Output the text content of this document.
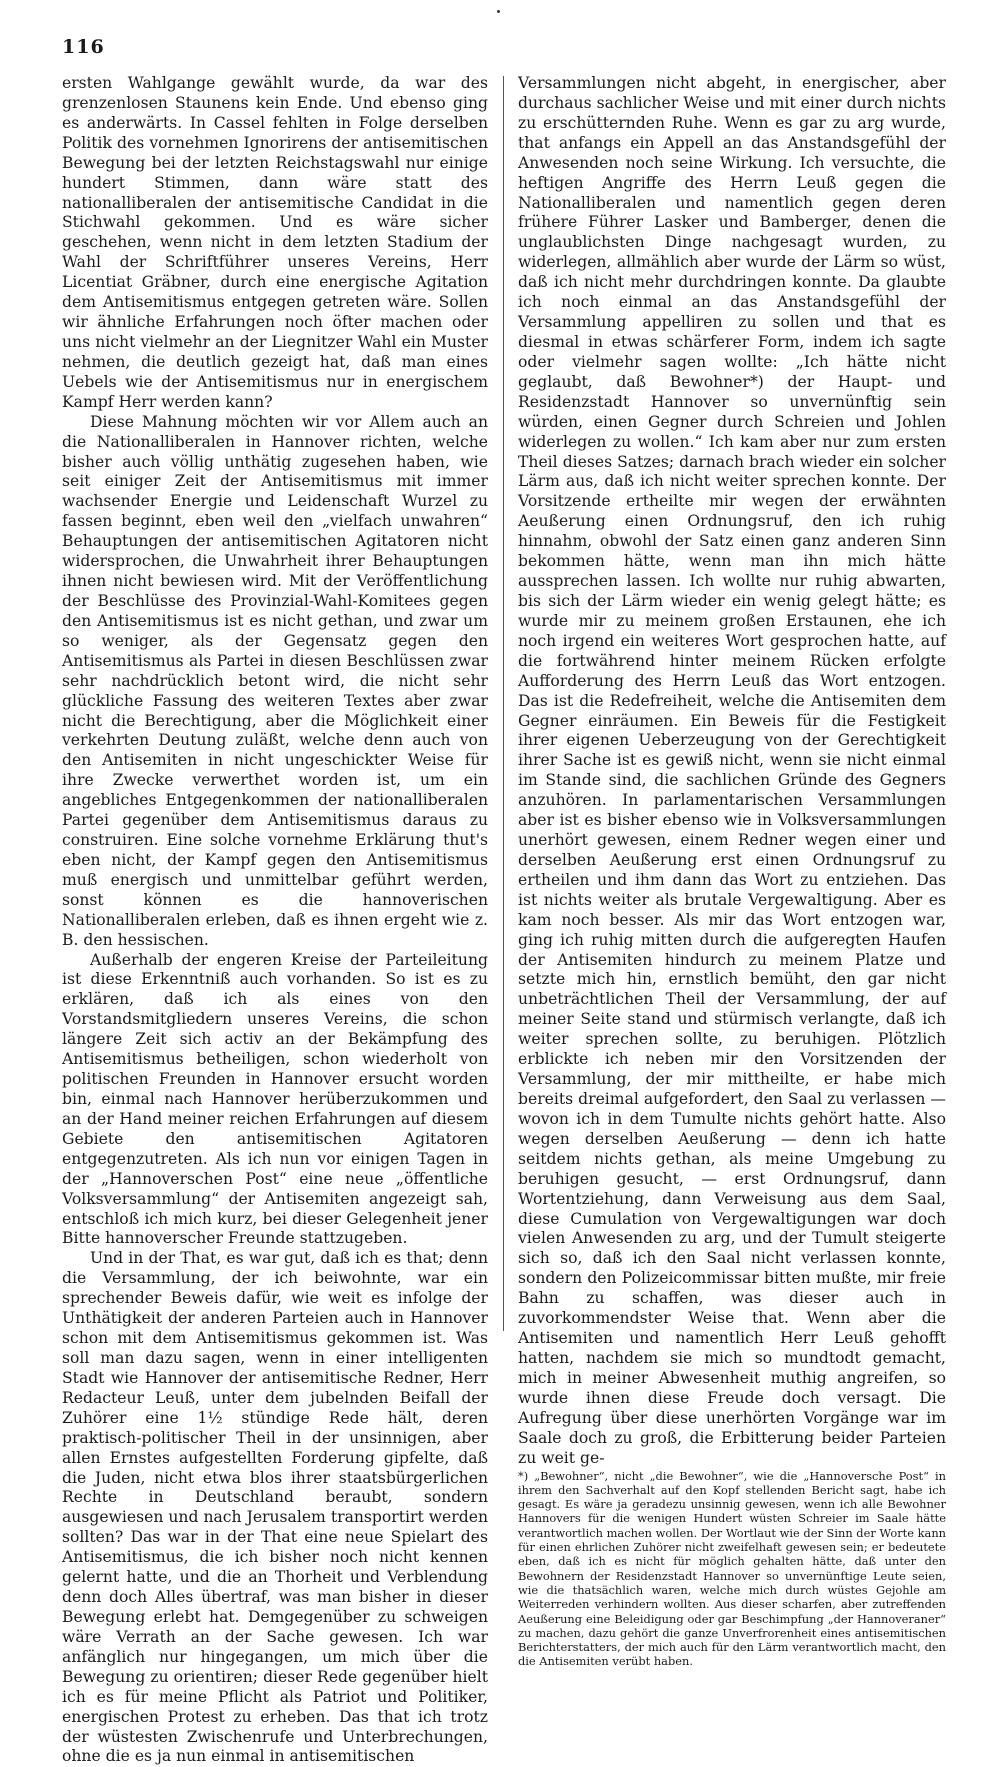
116

ersten Wahlgange gewählt wurde, da war des grenzenlosen Staunens kein Ende. Und ebenso ging es anderwärts. In Cassel fehlten in Folge derselben Politik des vornehmen Ignorirens der antisemitischen Bewegung bei der letzten Reichstagswahl nur einige hundert Stimmen, dann wäre statt des nationalliberalen der antisemitische Candidat in die Stichwahl gekommen. Und es wäre sicher geschehen, wenn nicht in dem letzten Stadium der Wahl der Schriftführer unseres Vereins, Herr Licentiat Gräbner, durch eine energische Agitation dem Antisemitismus entgegen getreten wäre. Sollen wir ähnliche Erfahrungen noch öfter machen oder uns nicht vielmehr an der Liegnitzer Wahl ein Muster nehmen, die deutlich gezeigt hat, daß man eines Uebels wie der Antisemitismus nur in energischem Kampf Herr werden kann?

Diese Mahnung möchten wir vor Allem auch an die Nationalliberalen in Hannover richten, welche bisher auch völlig unthätig zugesehen haben, wie seit einiger Zeit der Antisemitismus mit immer wachsender Energie und Leidenschaft Wurzel zu fassen beginnt, eben weil den „vielfach unwahren“ Behauptungen der antisemitischen Agitatoren nicht widersprochen, die Unwahrheit ihrer Behauptungen ihnen nicht bewiesen wird. Mit der Veröffentlichung der Beschlüsse des Provinzial-Wahl-Komitees gegen den Antisemitismus ist es nicht gethan, und zwar um so weniger, als der Gegensatz gegen den Antisemitismus als Partei in diesen Beschlüssen zwar sehr nachdrücklich betont wird, die nicht sehr glückliche Fassung des weiteren Textes aber zwar nicht die Berechtigung, aber die Möglichkeit einer verkehrten Deutung zuläßt, welche denn auch von den Antisemiten in nicht ungeschickter Weise für ihre Zwecke verwerthet worden ist, um ein angebliches Entgegenkommen der nationalliberalen Partei gegenüber dem Antisemitismus daraus zu construiren. Eine solche vornehme Erklärung thut's eben nicht, der Kampf gegen den Antisemitismus muß energisch und unmittelbar geführt werden, sonst können es die hannoverischen Nationalliberalen erleben, daß es ihnen ergeht wie z. B. den hessischen.

Außerhalb der engeren Kreise der Parteileitung ist diese Erkenntniß auch vorhanden. So ist es zu erklären, daß ich als eines von den Vorstandsmitgliedern unseres Vereins, die schon längere Zeit sich activ an der Bekämpfung des Antisemitismus betheiligen, schon wiederholt von politischen Freunden in Hannover ersucht worden bin, einmal nach Hannover herüberzukommen und an der Hand meiner reichen Erfahrungen auf diesem Gebiete den antisemitischen Agitatoren entgegenzutreten. Als ich nun vor einigen Tagen in der „Hannoverschen Post“ eine neue „öffentliche Volksversammlung“ der Antisemiten angezeigt sah, entschloß ich mich kurz, bei dieser Gelegenheit jener Bitte hannoverscher Freunde stattzugeben.

Und in der That, es war gut, daß ich es that; denn die Versammlung, der ich beiwohnte, war ein sprechender Beweis dafür, wie weit es infolge der Unthätigkeit der anderen Parteien auch in Hannover schon mit dem Antisemitismus gekommen ist. Was soll man dazu sagen, wenn in einer intelligenten Stadt wie Hannover der antisemitische Redner, Herr Redacteur Leuß, unter dem jubelnden Beifall der Zuhörer eine 1½ stündige Rede hält, deren praktisch-politischer Theil in der unsinnigen, aber allen Ernstes aufgestellten Forderung gipfelte, daß die Juden, nicht etwa blos ihrer staatsbürgerlichen Rechte in Deutschland beraubt, sondern ausgewiesen und nach Jerusalem transportirt werden sollten? Das war in der That eine neue Spielart des Antisemitismus, die ich bisher noch nicht kennen gelernt hatte, und die an Thorheit und Verblendung denn doch Alles übertraf, was man bisher in dieser Bewegung erlebt hat. Demgegenüber zu schweigen wäre Verrath an der Sache gewesen. Ich war anfänglich nur hingegangen, um mich über die Bewegung zu orientiren; dieser Rede gegenüber hielt ich es für meine Pflicht als Patriot und Politiker, energischen Protest zu erheben. Das that ich trotz der wüstesten Zwischenrufe und Unterbrechungen, ohne die es ja nun einmal in antisemitischen

Versammlungen nicht abgeht, in energischer, aber durchaus sachlicher Weise und mit einer durch nichts zu erschütternden Ruhe. Wenn es gar zu arg wurde, that anfangs ein Appell an das Anstandsgefühl der Anwesenden noch seine Wirkung. Ich versuchte, die heftigen Angriffe des Herrn Leuß gegen die Nationalliberalen und namentlich gegen deren frühere Führer Lasker und Bamberger, denen die unglaublichsten Dinge nachgesagt wurden, zu widerlegen, allmählich aber wurde der Lärm so wüst, daß ich nicht mehr durchdringen konnte. Da glaubte ich noch einmal an das Anstandsgefühl der Versammlung appelliren zu sollen und that es diesmal in etwas schärferer Form, indem ich sagte oder vielmehr sagen wollte: „Ich hätte nicht geglaubt, daß Bewohner*) der Haupt- und Residenzstadt Hannover so unvernünftig sein würden, einen Gegner durch Schreien und Johlen widerlegen zu wollen.“ Ich kam aber nur zum ersten Theil dieses Satzes; darnach brach wieder ein solcher Lärm aus, daß ich nicht weiter sprechen konnte. Der Vorsitzende ertheilte mir wegen der erwähnten Aeußerung einen Ordnungsruf, den ich ruhig hinnahm, obwohl der Satz einen ganz anderen Sinn bekommen hätte, wenn man ihn mich hätte aussprechen lassen. Ich wollte nur ruhig abwarten, bis sich der Lärm wieder ein wenig gelegt hätte; es wurde mir zu meinem großen Erstaunen, ehe ich noch irgend ein weiteres Wort gesprochen hatte, auf die fortwährend hinter meinem Rücken erfolgte Aufforderung des Herrn Leuß das Wort entzogen. Das ist die Redefreiheit, welche die Antisemiten dem Gegner einräumen. Ein Beweis für die Festigkeit ihrer eigenen Ueberzeugung von der Gerechtigkeit ihrer Sache ist es gewiß nicht, wenn sie nicht einmal im Stande sind, die sachlichen Gründe des Gegners anzuhören. In parlamentarischen Versammlungen aber ist es bisher ebenso wie in Volksversammlungen unerhört gewesen, einem Redner wegen einer und derselben Aeußerung erst einen Ordnungsruf zu ertheilen und ihm dann das Wort zu entziehen. Das ist nichts weiter als brutale Vergewaltigung. Aber es kam noch besser. Als mir das Wort entzogen war, ging ich ruhig mitten durch die aufgeregten Haufen der Antisemiten hindurch zu meinem Platze und setzte mich hin, ernstlich bemüht, den gar nicht unbeträchtlichen Theil der Versammlung, der auf meiner Seite stand und stürmisch verlangte, daß ich weiter sprechen sollte, zu beruhigen. Plötzlich erblickte ich neben mir den Vorsitzenden der Versammlung, der mir mittheilte, er habe mich bereits dreimal aufgefordert, den Saal zu verlassen — wovon ich in dem Tumulte nichts gehört hatte. Also wegen derselben Aeußerung — denn ich hatte seitdem nichts gethan, als meine Umgebung zu beruhigen gesucht, — erst Ordnungsruf, dann Wortentziehung, dann Verweisung aus dem Saal, diese Cumulation von Vergewaltigungen war doch vielen Anwesenden zu arg, und der Tumult steigerte sich so, daß ich den Saal nicht verlassen konnte, sondern den Polizeicommissar bitten mußte, mir freie Bahn zu schaffen, was dieser auch in zuvorkommendster Weise that. Wenn aber die Antisemiten und namentlich Herr Leuß gehofft hatten, nachdem sie mich so mundtodt gemacht, mich in meiner Abwesenheit muthig angreifen, so wurde ihnen diese Freude doch versagt. Die Aufregung über diese unerhörten Vorgänge war im Saale doch zu groß, die Erbitterung beider Parteien zu weit ge-

*) „Bewohner“, nicht „die Bewohner“, wie die „Hannoversche Post“ in ihrem den Sachverhalt auf den Kopf stellenden Bericht sagt, habe ich gesagt. Es wäre ja geradezu unsinnig gewesen, wenn ich alle Bewohner Hannovers für die wenigen Hundert wüsten Schreier im Saale hätte verantwortlich machen wollen. Der Wortlaut wie der Sinn der Worte kann für einen ehrlichen Zuhörer nicht zweifelhaft gewesen sein; er bedeutete eben, daß ich es nicht für möglich gehalten hätte, daß unter den Bewohnern der Residenzstadt Hannover so unvernünftige Leute seien, wie die thatsächlich waren, welche mich durch wüstes Gejohle am Weiterreden verhindern wollten. Aus dieser scharfen, aber zutreffenden Aeußerung eine Beleidigung oder gar Beschimpfung „der Hannoveraner“ zu machen, dazu gehört die ganze Unverfrorenheit eines antisemitischen Berichterstatters, der mich auch für den Lärm verantwortlich macht, den die Antisemiten verübt haben.
